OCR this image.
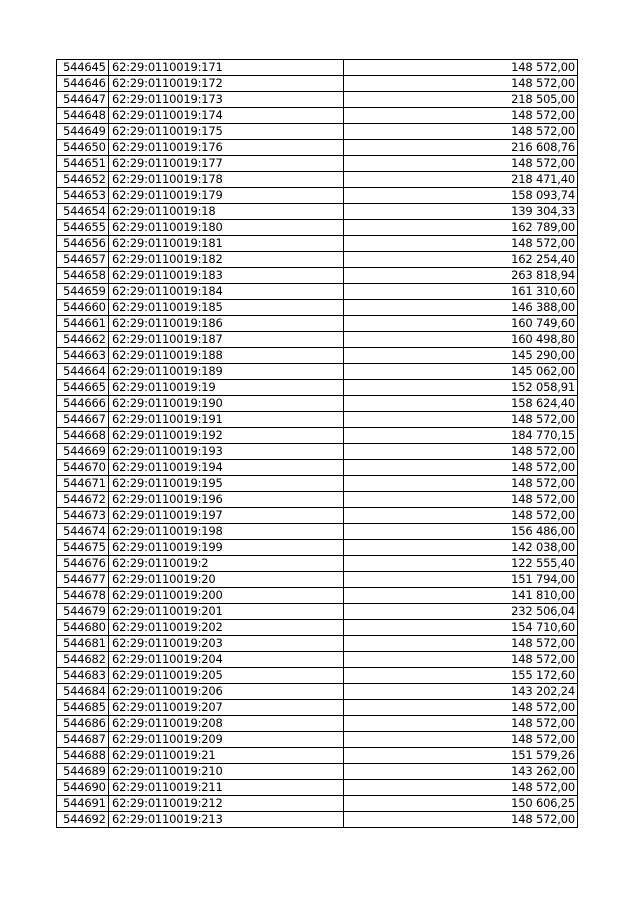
544645	62:29:0110019:171	148 572,00
544646	62:29:0110019:172	148 572,00
544647	62:29:0110019:173	218 505,00
544648	62:29:0110019:174	148 572,00
544649	62:29:0110019:175	148 572,00
544650	62:29:0110019:176	216 608,76
544651	62:29:0110019:177	148 572,00
544652	62:29:0110019:178	218 471,40
544653	62:29:0110019:179	158 093,74
544654	62:29:0110019:18	139 304,33
544655	62:29:0110019:180	162 789,00
544656	62:29:0110019:181	148 572,00
544657	62:29:0110019:182	162 254,40
544658	62:29:0110019:183	263 818,94
544659	62:29:0110019:184	161 310,60
544660	62:29:0110019:185	146 388,00
544661	62:29:0110019:186	160 749,60
544662	62:29:0110019:187	160 498,80
544663	62:29:0110019:188	145 290,00
544664	62:29:0110019:189	145 062,00
544665	62:29:0110019:19	152 058,91
544666	62:29:0110019:190	158 624,40
544667	62:29:0110019:191	148 572,00
544668	62:29:0110019:192	184 770,15
544669	62:29:0110019:193	148 572,00
544670	62:29:0110019:194	148 572,00
544671	62:29:0110019:195	148 572,00
544672	62:29:0110019:196	148 572,00
544673	62:29:0110019:197	148 572,00
544674	62:29:0110019:198	156 486,00
544675	62:29:0110019:199	142 038,00
544676	62:29:0110019:2	122 555,40
544677	62:29:0110019:20	151 794,00
544678	62:29:0110019:200	141 810,00
544679	62:29:0110019:201	232 506,04
544680	62:29:0110019:202	154 710,60
544681	62:29:0110019:203	148 572,00
544682	62:29:0110019:204	148 572,00
544683	62:29:0110019:205	155 172,60
544684	62:29:0110019:206	143 202,24
544685	62:29:0110019:207	148 572,00
544686	62:29:0110019:208	148 572,00
544687	62:29:0110019:209	148 572,00
544688	62:29:0110019:21	151 579,26
544689	62:29:0110019:210	143 262,00
544690	62:29:0110019:211	148 572,00
544691	62:29:0110019:212	150 606,25
544692	62:29:0110019:213	148 572,00
